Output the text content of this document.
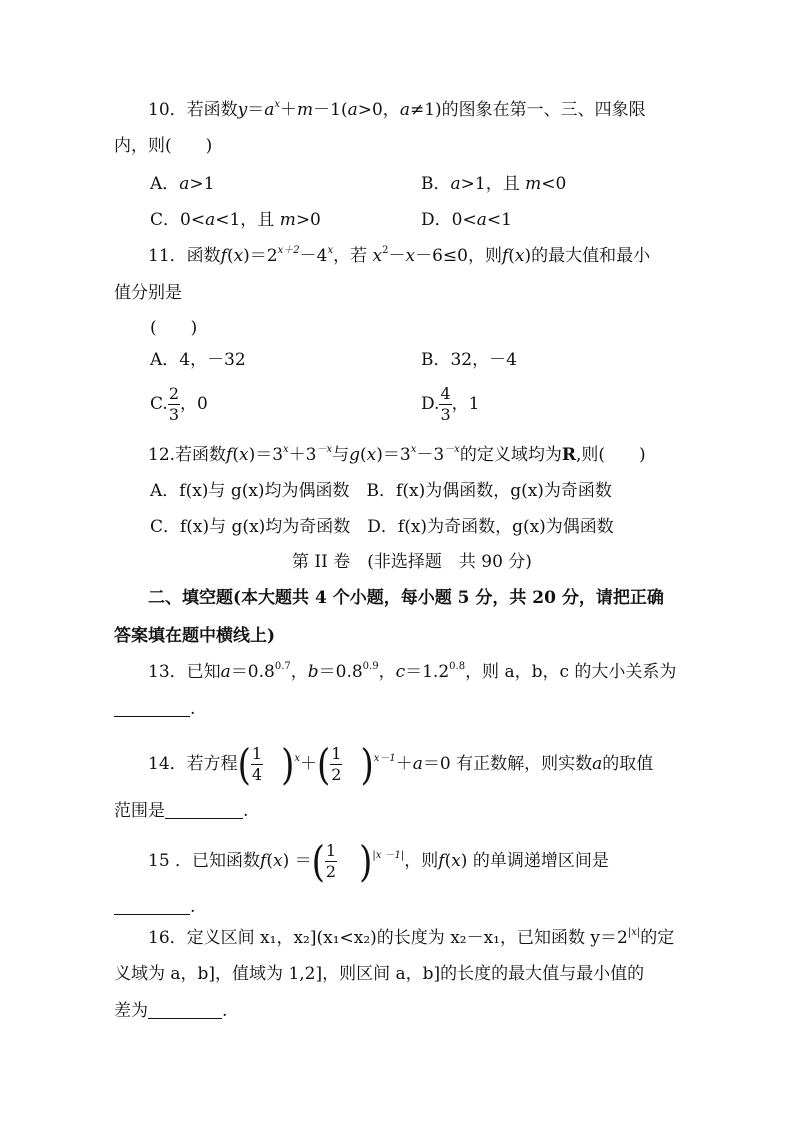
10．若函数$y=a^x+m-1(a>0$，a≠1)的图象在第一、三、四象限
内，则(　　)
A．a>1	B．a>1，且 m<0
C．0<a<1，且 m>0	D．0<a<1
11．函数$f(x)=2^{x+2}-4^x$，若 $x^2-x-6\le 0$，则f(x)的最大值和最小
值分别是
(　　)
A．4，－32	B．32，－4
C. $\frac{2}{3}$ ，0	D. $\frac{4}{3}$ ，1
12.若函数$f(x)=3^x+3^{-x}$与$g(x)=3^x-3^{-x}$的定义域均为R,则(　　)
A．f(x)与 g(x)均为偶函数　B．f(x)为偶函数，g(x)为奇函数
C．f(x)与 g(x)均为奇函数　D．f(x)为奇函数，g(x)为偶函数
第 II 卷　(非选择题　共 90 分)
二、填空题(本大题共 4 个小题，每小题 5 分，共 20 分，请把正确
答案填在题中横线上)
13．已知$a=0.8^{0.7}$，$b=0.8^{0.9}$，$c=1.2^{0.8}$，则 a，b，c 的大小关系为
.
14．若方程( $\frac{1}{4} )^x+( \frac{1}{2} )^{x-1}+a=0$ 有正数解，则实数a的取值
范围是	.
15 ．已知函数f(x) ＝( $\frac{1}{2} )^{|x -1|}$，则f(x) 的单调递增区间是
.
16．定义区间 x₁，x₂](x₁<x₂)的长度为 x₂－x₁，已知函数 $y=2^{|x|}$的定
义域为 a，b]，值域为 1,2]，则区间 a，b]的长度的最大值与最小值的
差为	.
